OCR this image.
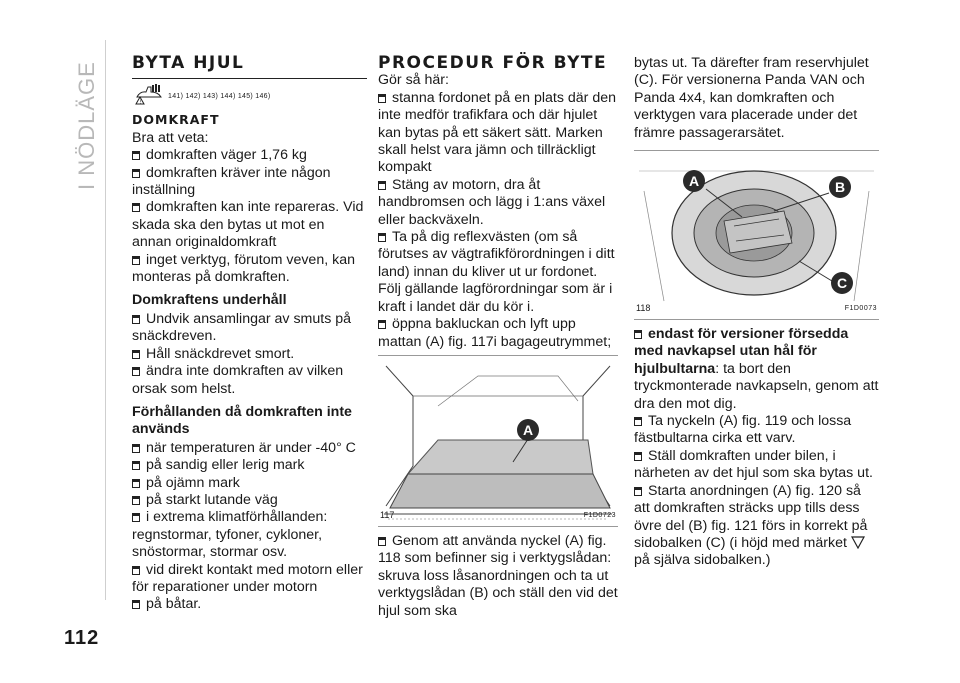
I NÖDLÄGE
112
BYTA HJUL
!
141) 142) 143) 144) 145) 146)
DOMKRAFT

Bra att veta:

domkraften väger 1,76 kg

domkraften kräver inte någon inställning

domkraften kan inte repareras. Vid skada ska den bytas ut mot en annan originaldomkraft

inget verktyg, förutom veven, kan monteras på domkraften.

Domkraftens underhåll

Undvik ansamlingar av smuts på snäckdreven.

Håll snäckdrevet smort.

ändra inte domkraften av vilken orsak som helst.

Förhållanden då domkraften inte används

när temperaturen är under -40° C

på sandig eller lerig mark

på ojämn mark

på starkt lutande väg

i extrema klimatförhållanden: regnstormar, tyfoner, cykloner, snöstormar, stormar osv.

vid direkt kontakt med motorn eller för reparationer under motorn

på båtar.

PROCEDUR FÖR BYTE

Gör så här:

stanna fordonet på en plats där den inte medför trafikfara och där hjulet kan bytas på ett säkert sätt. Marken skall helst vara jämn och tillräckligt kompakt

Stäng av motorn, dra åt handbromsen och lägg i 1:ans växel eller backväxeln.

Ta på dig reflexvästen (om så förutses av vägtrafikförordningen i ditt land) innan du kliver ut ur fordonet. Följ gällande lagförordningar som är i kraft i landet där du kör i.

öppna bakluckan och lyft upp mattan (A) fig. 117i bagageutrymmet;

A
117	F1D0723

Genom att använda nyckel (A) fig. 118 som befinner sig i verktygslådan: skruva loss låsanordningen och ta ut verktygslådan (B) och ställ den vid det hjul som ska

bytas ut. Ta därefter fram reservhjulet (C). För versionerna Panda VAN och Panda 4x4, kan domkraften och verktygen vara placerade under det främre passagerarsätet.

A	B
C
118	F1D0073

endast för versioner försedda med navkapsel utan hål för hjulbultarna: ta bort den tryckmonterade navkapseln, genom att dra den mot dig.

Ta nyckeln (A) fig. 119 och lossa fästbultarna cirka ett varv.

Ställ domkraften under bilen, i närheten av det hjul som ska bytas ut.

Starta anordningen (A) fig. 120 så att domkraften sträcks upp tills dess övre del (B) fig. 121 förs in korrekt på sidobalken (C) (i höjd med märket

på själva sidobalken.)
